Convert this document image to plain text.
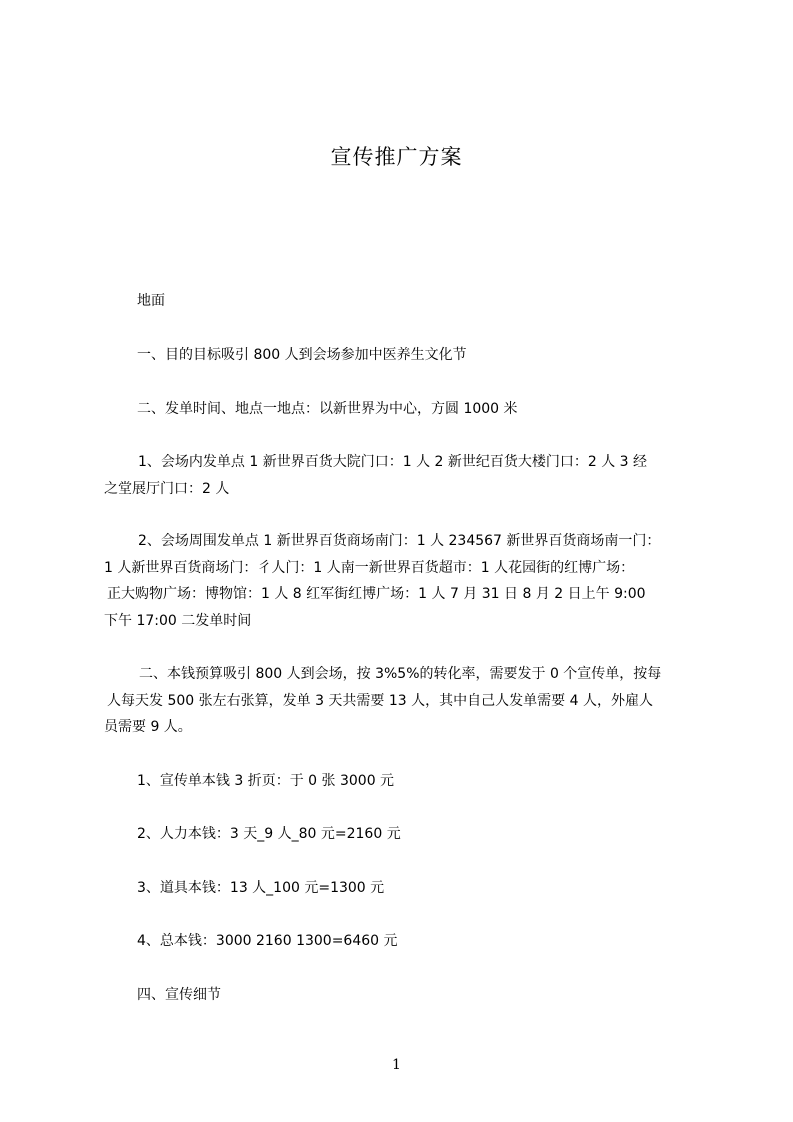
宣传推广方案
地面
一、目的目标吸引 800 人到会场参加中医养生文化节
二、发单时间、地点一地点：以新世界为中心，方圆 1000 米
1、会场内发单点 1 新世界百货大院门口：1 人 2 新世纪百货大楼门口：2 人 3 经
之堂展厅门口：2 人
2、会场周围发单点 1 新世界百货商场南门：1 人 234567 新世界百货商场南一门：
1 人新世界百货商场门：彳人门：1 人南一新世界百货超市：1 人花园街的红博广场：
正大购物广场：博物馆：1 人 8 红军街红博广场：1 人 7 月 31 日 8 月 2 日上午 9:00
下午 17:00 二发单时间
二、本钱预算吸引 800 人到会场，按 3%5%的转化率，需要发于 0 个宣传单，按每
人每天发 500 张左右张算，发单 3 天共需要 13 人，其中自己人发单需要 4 人，外雇人
员需要 9 人。
1、宣传单本钱 3 折页：于 0 张 3000 元
2、人力本钱：3 天_9 人_80 元=2160 元
3、道具本钱：13 人_100 元=1300 元
4、总本钱：3000 2160 1300=6460 元
四、宣传细节
1
